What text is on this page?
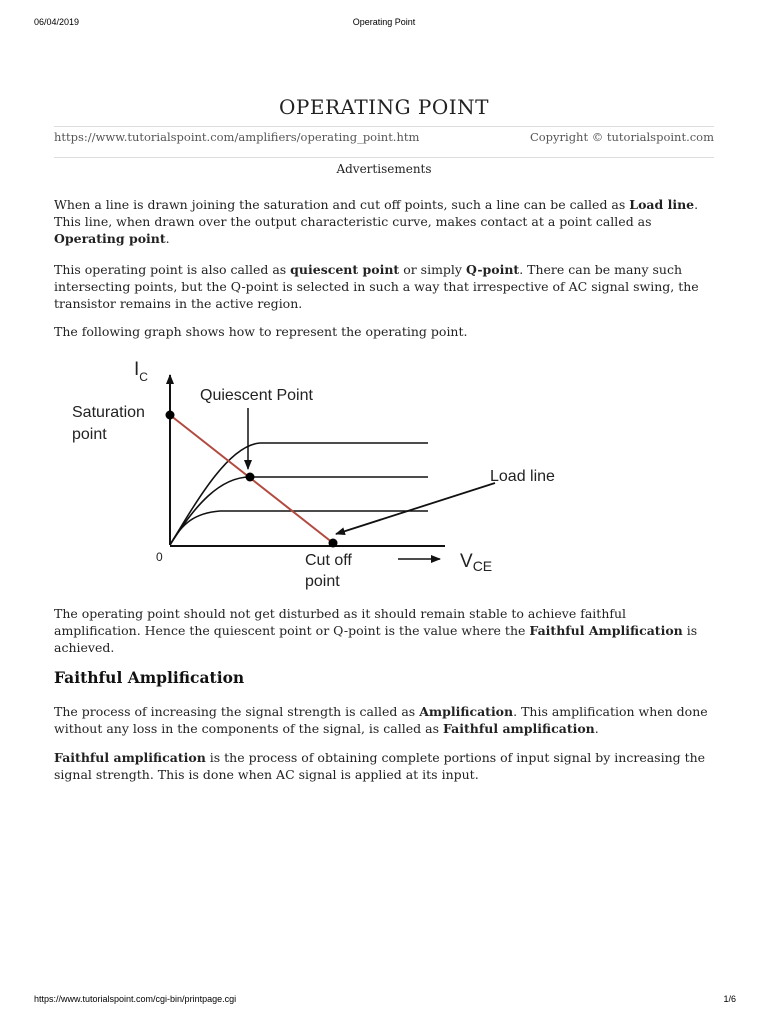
06/04/2019	Operating Point
OPERATING POINT
https://www.tutorialspoint.com/amplifiers/operating_point.htm	Copyright © tutorialspoint.com
Advertisements

When a line is drawn joining the saturation and cut off points, such a line can be called as Load line. This line, when drawn over the output characteristic curve, makes contact at a point called as Operating point.

This operating point is also called as quiescent point or simply Q-point. There can be many such intersecting points, but the Q-point is selected in such a way that irrespective of AC signal swing, the transistor remains in the active region.

The following graph shows how to represent the operating point.

$I_C$
Quiescent Point
Saturation
point
Load line
0	Cut off
point
$V_{CE}$

The operating point should not get disturbed as it should remain stable to achieve faithful amplification. Hence the quiescent point or Q-point is the value where the Faithful Amplification is achieved.

Faithful Amplification

The process of increasing the signal strength is called as Amplification. This amplification when done without any loss in the components of the signal, is called as Faithful amplification.

Faithful amplification is the process of obtaining complete portions of input signal by increasing the signal strength. This is done when AC signal is applied at its input.

https://www.tutorialspoint.com/cgi-bin/printpage.cgi	1/6
